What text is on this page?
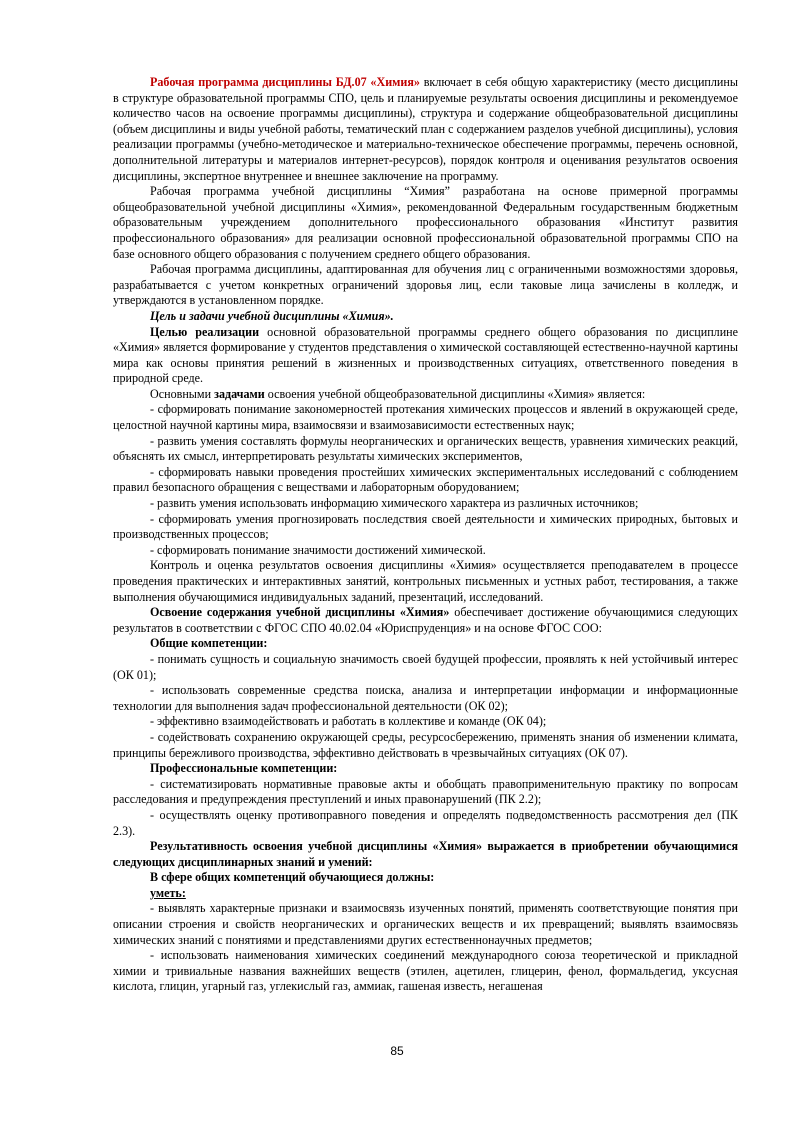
Рабочая программа дисциплины БД.07 «Химия» включает в себя общую характеристику (место дисциплины в структуре образовательной программы СПО, цель и планируемые результаты освоения дисциплины и рекомендуемое количество часов на освоение программы дисциплины), структура и содержание общеобразовательной дисциплины (объем дисциплины и виды учебной работы, тематический план с содержанием разделов учебной дисциплины), условия реализации программы (учебно-методическое и материально-техническое обеспечение программы, перечень основной, дополнительной литературы и материалов интернет-ресурсов), порядок контроля и оценивания результатов освоения дисциплины, экспертное внутреннее и внешнее заключение на программу.

Рабочая программа учебной дисциплины “Химия” разработана на основе примерной программы общеобразовательной учебной дисциплины «Химия», рекомендованной Федеральным государственным бюджетным образовательным учреждением дополнительного профессионального образования «Институт развития профессионального образования» для реализации основной профессиональной образовательной программы СПО на базе основного общего образования с получением среднего общего образования.

Рабочая программа дисциплины, адаптированная для обучения лиц с ограниченными возможностями здоровья, разрабатывается с учетом конкретных ограничений здоровья лиц, если таковые лица зачислены в колледж, и утверждаются в установленном порядке.

Цель и задачи учебной дисциплины «Химия».

Целью реализации основной образовательной программы среднего общего образования по дисциплине «Химия» является формирование у студентов представления о химической составляющей естественно-научной картины мира как основы принятия решений в жизненных и производственных ситуациях, ответственного поведения в природной среде.

Основными задачами освоения учебной общеобразовательной дисциплины «Химия» является:

- сформировать понимание закономерностей протекания химических процессов и явлений в окружающей среде, целостной научной картины мира, взаимосвязи и взаимозависимости естественных наук;

- развить умения составлять формулы неорганических и органических веществ, уравнения химических реакций, объяснять их смысл, интерпретировать результаты химических экспериментов,

- сформировать навыки проведения простейших химических экспериментальных исследований с соблюдением правил безопасного обращения с веществами и лабораторным оборудованием;

- развить умения использовать информацию химического характера из различных источников;

- сформировать умения прогнозировать последствия своей деятельности и химических природных, бытовых и производственных процессов;

- сформировать понимание значимости достижений химической.

Контроль и оценка результатов освоения дисциплины «Химия» осуществляется преподавателем в процессе проведения практических и интерактивных занятий, контрольных письменных и устных работ, тестирования, а также выполнения обучающимися индивидуальных заданий, презентаций, исследований.

Освоение содержания учебной дисциплины «Химия» обеспечивает достижение обучающимися следующих результатов в соответствии с ФГОС СПО 40.02.04 «Юриспруденция» и на основе ФГОС СОО:

Общие компетенции:

- понимать сущность и социальную значимость своей будущей профессии, проявлять к ней устойчивый интерес (ОК 01);

- использовать современные средства поиска, анализа и интерпретации информации и информационные технологии для выполнения задач профессиональной деятельности (ОК 02);

- эффективно взаимодействовать и работать в коллективе и команде (ОК 04);

- содействовать сохранению окружающей среды, ресурсосбережению, применять знания об изменении климата, принципы бережливого производства, эффективно действовать в чрезвычайных ситуациях (ОК 07).

Профессиональные компетенции:

- систематизировать нормативные правовые акты и обобщать правоприменительную практику по вопросам расследования и предупреждения преступлений и иных правонарушений (ПК 2.2);

- осуществлять оценку противоправного поведения и определять подведомственность рассмотрения дел (ПК 2.3).

Результативность освоения учебной дисциплины «Химия» выражается в приобретении обучающимися следующих дисциплинарных знаний и умений:

В сфере общих компетенций обучающиеся должны:

уметь:

- выявлять характерные признаки и взаимосвязь изученных понятий, применять соответствующие понятия при описании строения и свойств неорганических и органических веществ и их превращений; выявлять взаимосвязь химических знаний с понятиями и представлениями других естественнонаучных предметов;

- использовать наименования химических соединений международного союза теоретической и прикладной химии и тривиальные названия важнейших веществ (этилен, ацетилен, глицерин, фенол, формальдегид, уксусная кислота, глицин, угарный газ, углекислый газ, аммиак, гашеная известь, негашеная

85
